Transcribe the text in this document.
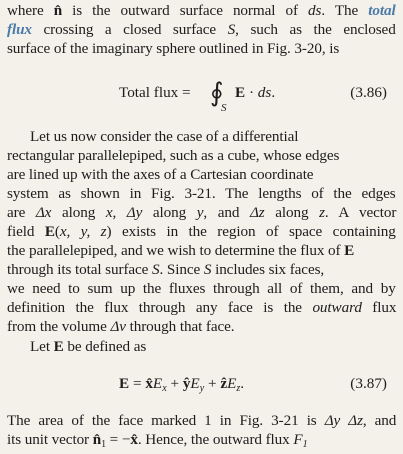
where n̂ is the outward surface normal of ds. The total
flux crossing a closed surface S, such as the enclosed
surface of the imaginary sphere outlined in Fig. 3-20, is
Total flux = ∮
S
E · ds.	(3.86)
Let us now consider the case of a differential
rectangular parallelepiped, such as a cube, whose edges
are lined up with the axes of a Cartesian coordinate
system as shown in Fig. 3-21. The lengths of the edges
are Δx along x, Δy along y, and Δz along z. A vector
field E(x, y, z) exists in the region of space containing
the parallelepiped, and we wish to determine the flux of E
through its total surface S. Since S includes six faces,
we need to sum up the fluxes through all of them, and by
definition the flux through any face is the outward flux
from the volume Δv through that face.
Let E be defined as
$E = x̂E_x$ + $ŷE_y$ + ẑE$_z$.	(3.87)
The area of the face marked 1 in Fig. 3-21 is Δy Δz, and
its unit vector $n̂_1$ = −x̂. Hence, the outward flux $F_1$
